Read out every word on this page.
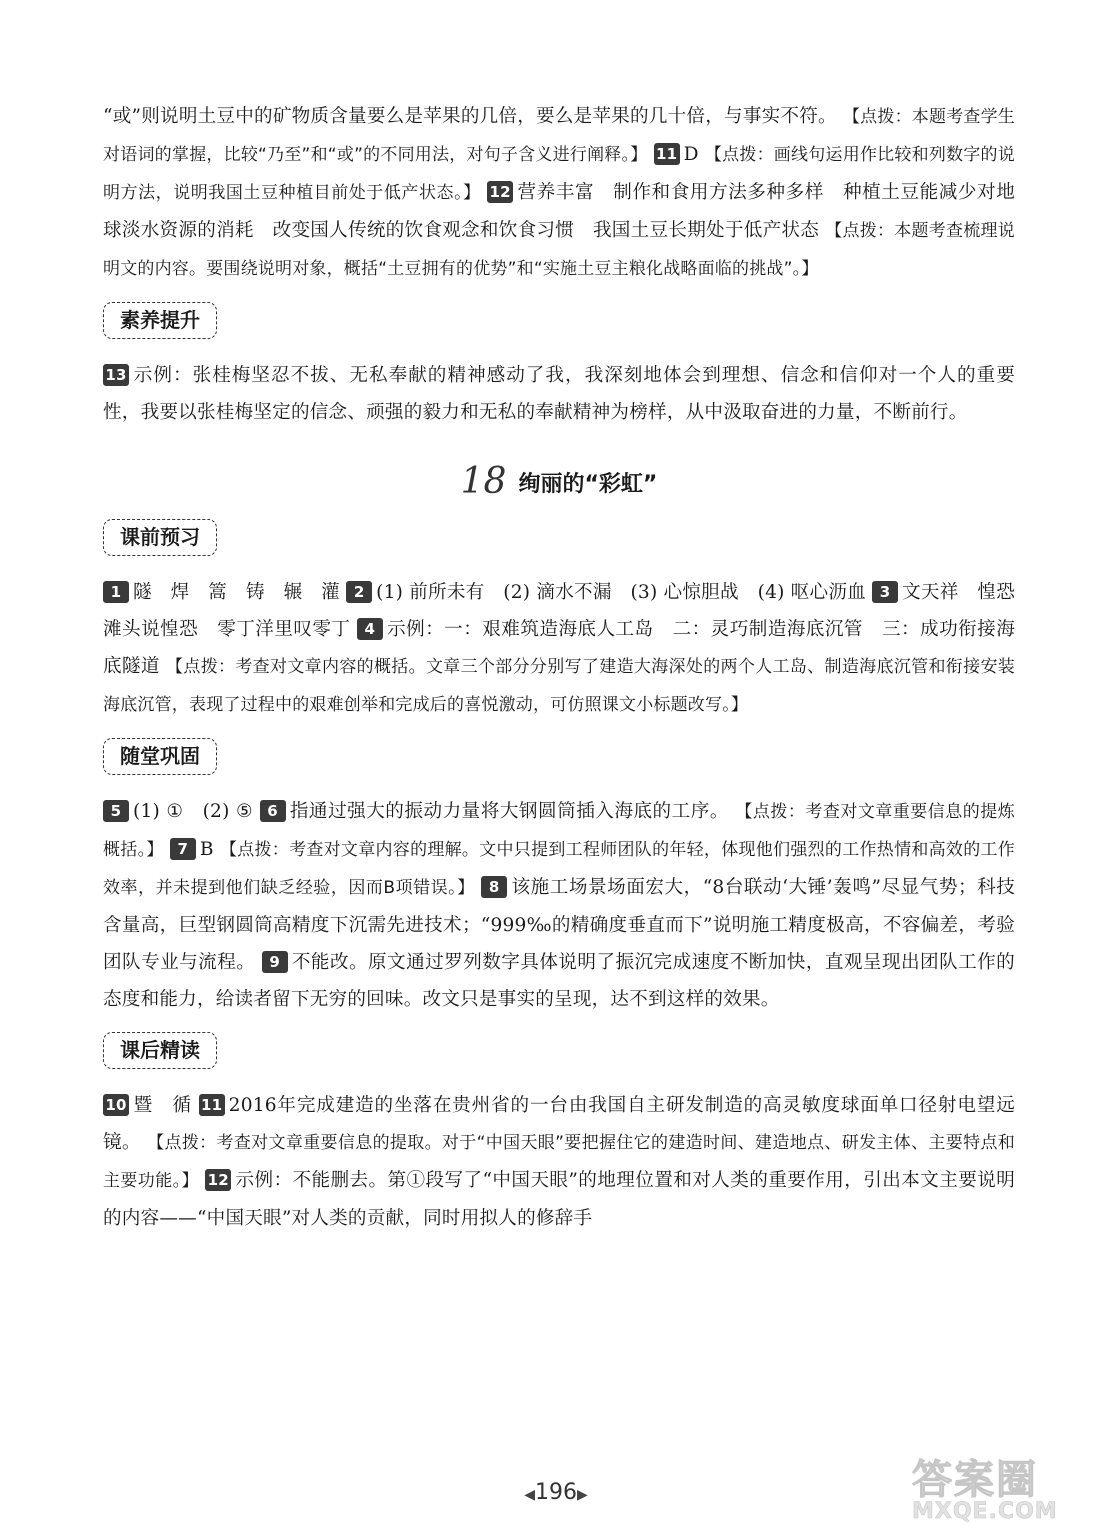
“或”则说明土豆中的矿物质含量要么是苹果的几倍，要么是苹果的几十倍，与事实不符。 【点拨：本题考查学生对语词的掌握，比较“乃至”和“或”的不同用法，对句子含义进行阐释。】 11 D 【点拨：画线句运用作比较和列数字的说明方法，说明我国土豆种植目前处于低产状态。】 12 营养丰富　制作和食用方法多种多样　种植土豆能减少对地球淡水资源的消耗　改变国人传统的饮食观念和饮食习惯　我国土豆长期处于低产状态 【点拨：本题考查梳理说明文的内容。要围绕说明对象，概括“土豆拥有的优势”和“实施土豆主粮化战略面临的挑战”。】

素养提升

13 示例：张桂梅坚忍不拔、无私奉献的精神感动了我，我深刻地体会到理想、信念和信仰对一个人的重要性，我要以张桂梅坚定的信念、顽强的毅力和无私的奉献精神为榜样，从中汲取奋进的力量，不断前行。

18 绚丽的“彩虹”
课前预习

1 隧　焊　篙　铸　辗　灌 2 (1) 前所未有　(2) 滴水不漏　(3) 心惊胆战　(4) 呕心沥血 3 文天祥　惶恐滩头说惶恐　零丁洋里叹零丁 4 示例：一：艰难筑造海底人工岛　二：灵巧制造海底沉管　三：成功衔接海底隧道 【点拨：考查对文章内容的概括。文章三个部分分别写了建造大海深处的两个人工岛、制造海底沉管和衔接安装海底沉管，表现了过程中的艰难创举和完成后的喜悦激动，可仿照课文小标题改写。】

随堂巩固

5 (1) ①　(2) ⑤ 6 指通过强大的振动力量将大钢圆筒插入海底的工序。 【点拨：考查对文章重要信息的提炼概括。】 7 B 【点拨：考查对文章内容的理解。文中只提到工程师团队的年轻，体现他们强烈的工作热情和高效的工作效率，并未提到他们缺乏经验，因而B项错误。】 8 该施工场景场面宏大，“8台联动‘大锤’轰鸣”尽显气势；科技含量高，巨型钢圆筒高精度下沉需先进技术；“999‰的精确度垂直而下”说明施工精度极高，不容偏差，考验团队专业与流程。 9 不能改。原文通过罗列数字具体说明了振沉完成速度不断加快，直观呈现出团队工作的态度和能力，给读者留下无穷的回味。改文只是事实的呈现，达不到这样的效果。

课后精读

10 暨　循 11 2016年完成建造的坐落在贵州省的一台由我国自主研发制造的高灵敏度球面单口径射电望远镜。 【点拨：考查对文章重要信息的提取。对于“中国天眼”要把握住它的建造时间、建造地点、研发主体、主要特点和主要功能。】 12 示例：不能删去。第①段写了“中国天眼”的地理位置和对人类的重要作用，引出本文主要说明的内容——“中国天眼”对人类的贡献，同时用拟人的修辞手

◀196▶	答案圈
MXQE.COM
